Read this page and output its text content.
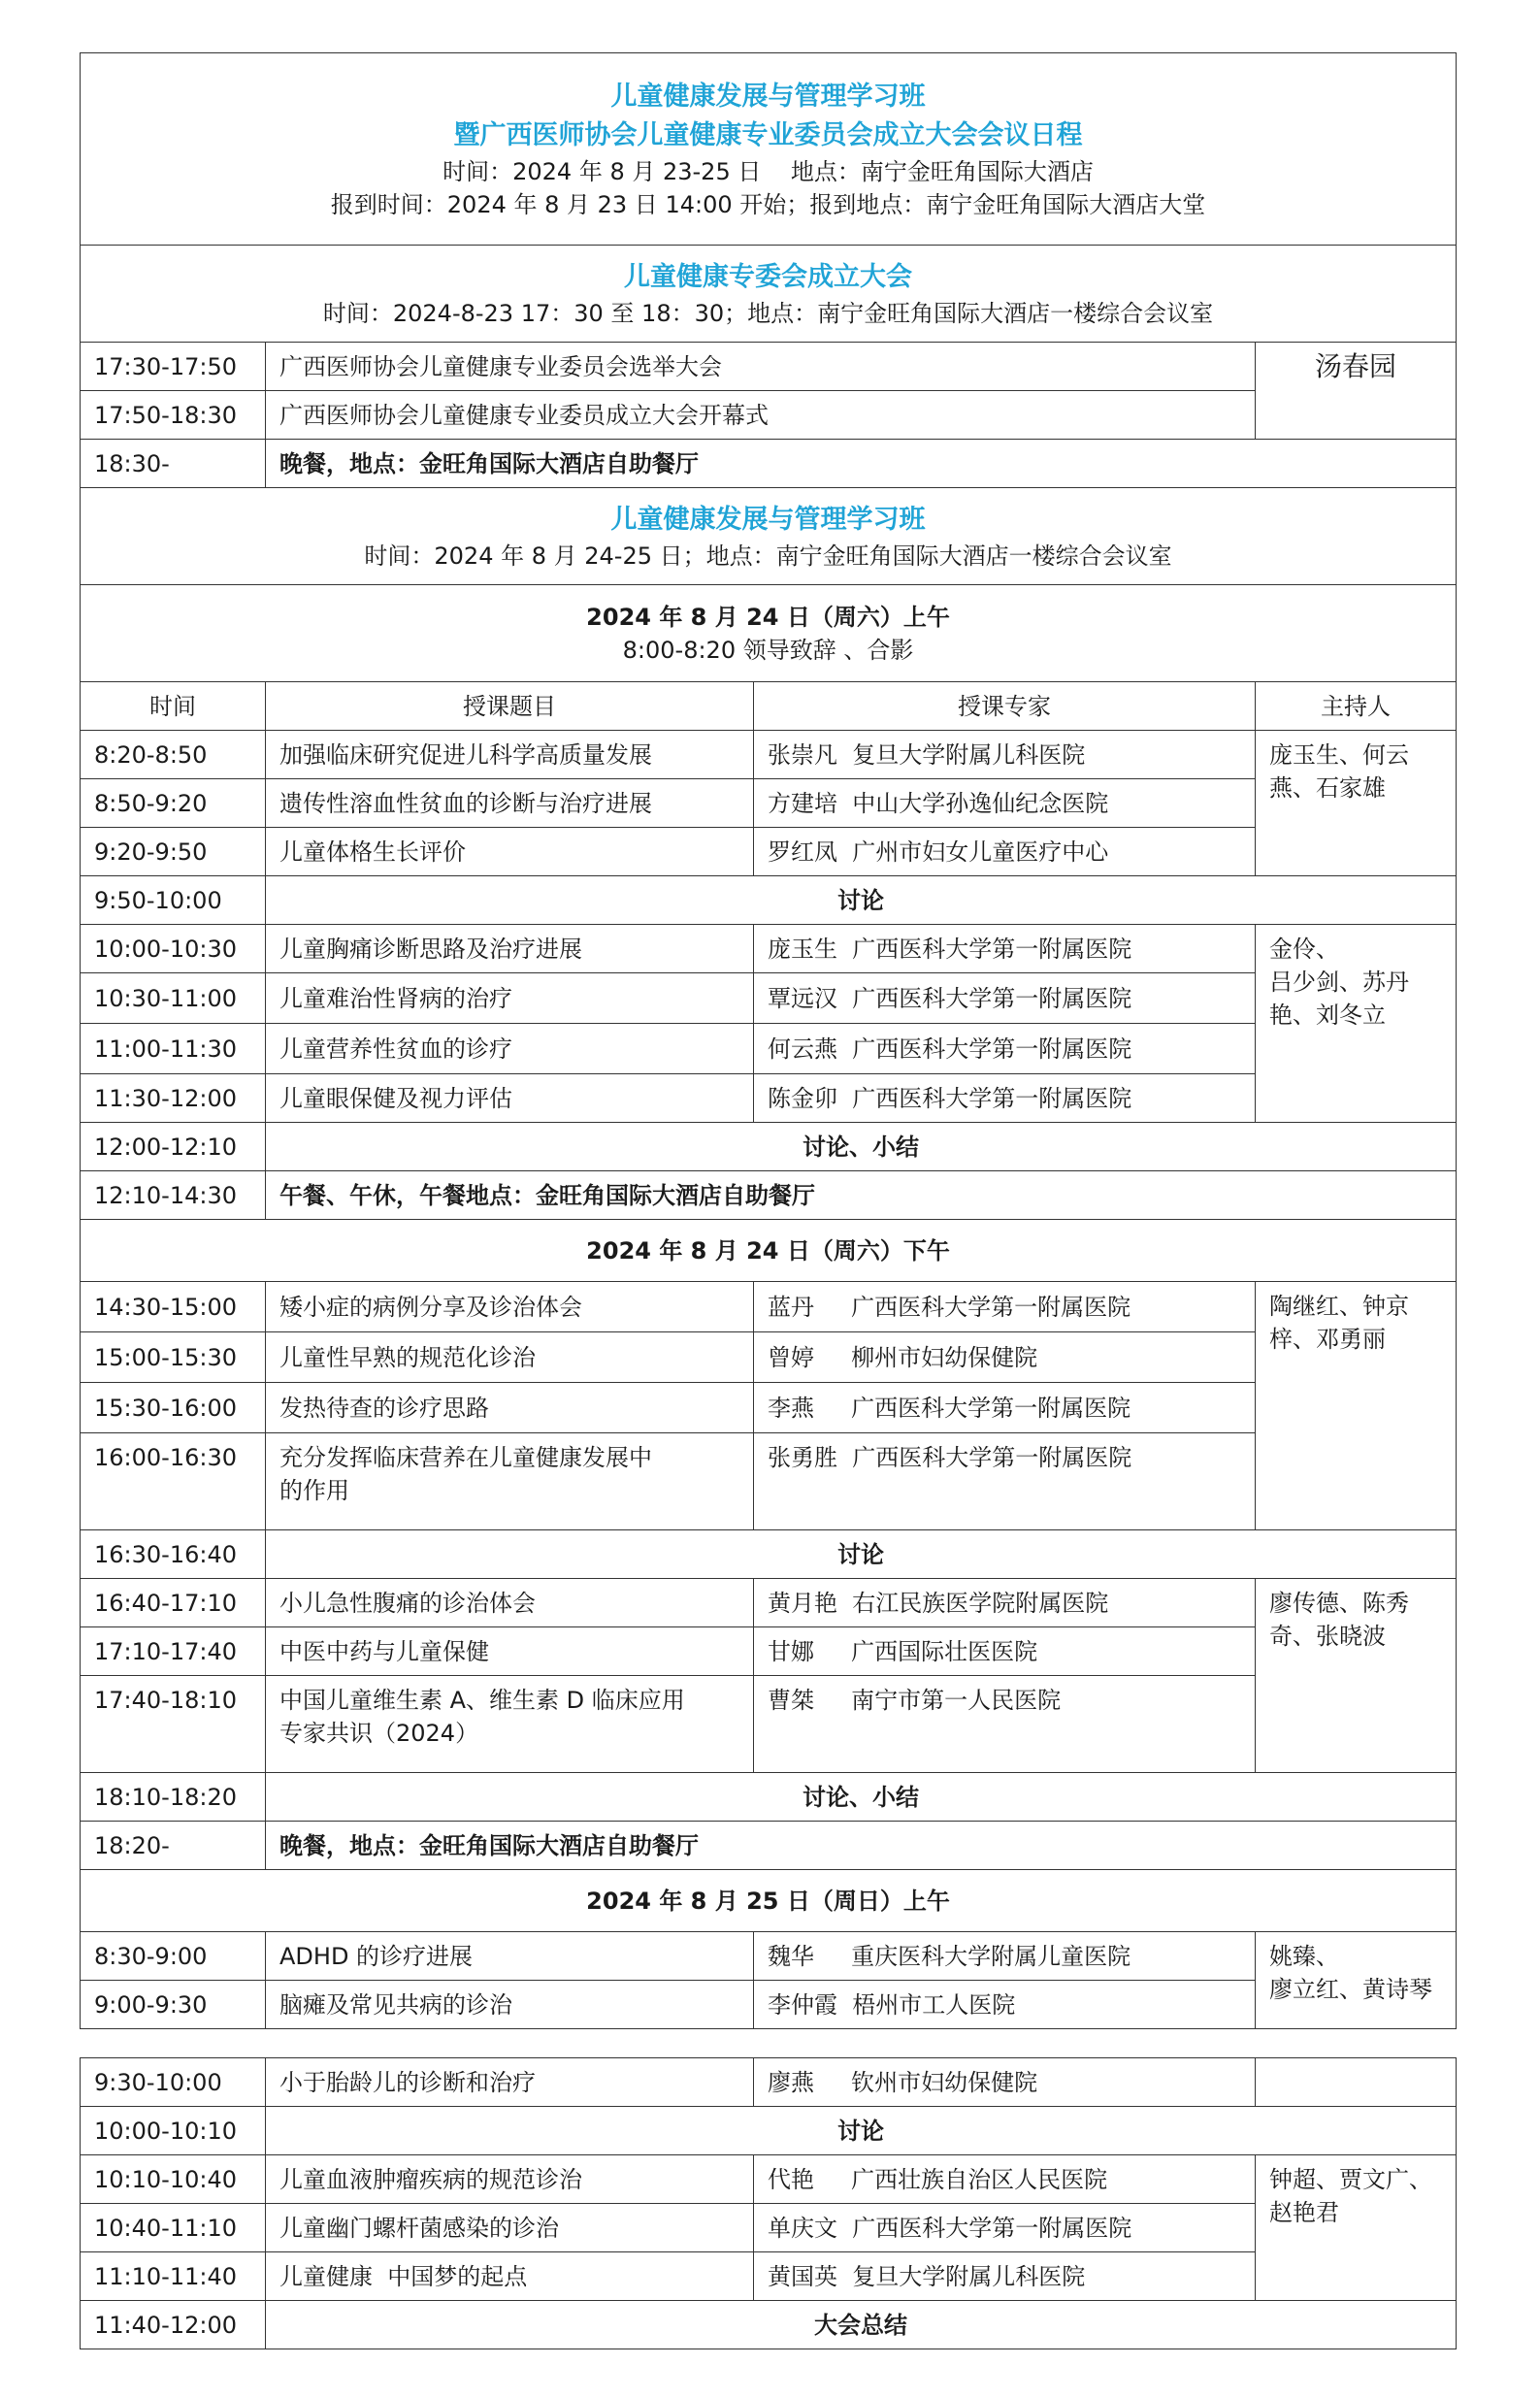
儿童健康发展与管理学习班
暨广西医师协会儿童健康专业委员会成立大会会议日程
时间：2024 年 8 月 23-25 日    地点：南宁金旺角国际大酒店
报到时间：2024 年 8 月 23 日 14:00 开始；报到地点：南宁金旺角国际大酒店大堂			

儿童健康专委会成立大会
时间：2024-8-23 17：30 至 18：30；地点：南宁金旺角国际大酒店一楼综合会议室			

17:30-17:50	广西医师协会儿童健康专业委员会选举大会		汤春园
17:50-18:30	广西医师协会儿童健康专业委员成立大会开幕式		
18:30-	晚餐，地点：金旺角国际大酒店自助餐厅		

儿童健康发展与管理学习班
时间：2024 年 8 月 24-25 日；地点：南宁金旺角国际大酒店一楼综合会议室			

2024 年 8 月 24 日（周六）上午
8:00-8:20 领导致辞 、合影			

时间	授课题目	授课专家	主持人
8:20-8:50	加强临床研究促进儿科学高质量发展	张崇凡  复旦大学附属儿科医院	庞玉生、何云
燕、石家雄

8:50-9:20	遗传性溶血性贫血的诊断与治疗进展	方建培  中山大学孙逸仙纪念医院	
9:20-9:50	儿童体格生长评价	罗红凤  广州市妇女儿童医疗中心	
9:50-10:00	讨论		
10:00-10:30	儿童胸痛诊断思路及治疗进展	庞玉生  广西医科大学第一附属医院	金伶、
吕少剑、苏丹
艳、刘冬立

10:30-11:00	儿童难治性肾病的治疗	覃远汉  广西医科大学第一附属医院	
11:00-11:30	儿童营养性贫血的诊疗	何云燕  广西医科大学第一附属医院	
11:30-12:00	儿童眼保健及视力评估	陈金卯  广西医科大学第一附属医院	
12:00-12:10	讨论、小结		
12:10-14:30	午餐、午休，午餐地点：金旺角国际大酒店自助餐厅		
2024 年 8 月 24 日（周六）下午			
14:30-15:00	矮小症的病例分享及诊治体会	蓝丹     广西医科大学第一附属医院	陶继红、钟京
梓、邓勇丽

15:00-15:30	儿童性早熟的规范化诊治	曾婷     柳州市妇幼保健院	
15:30-16:00	发热待查的诊疗思路	李燕     广西医科大学第一附属医院	
16:00-16:30	充分发挥临床营养在儿童健康发展中
的作用	张勇胜  广西医科大学第一附属医院	
16:30-16:40	讨论		
16:40-17:10	小儿急性腹痛的诊治体会	黄月艳  右江民族医学院附属医院	廖传德、陈秀
奇、张晓波

17:10-17:40	中医中药与儿童保健	甘娜     广西国际壮医医院	
17:40-18:10	中国儿童维生素 A、维生素 D 临床应用
专家共识（2024）	曹桀     南宁市第一人民医院	
18:10-18:20	讨论、小结		
18:20-	晚餐，地点：金旺角国际大酒店自助餐厅		
2024 年 8 月 25 日（周日）上午			
8:30-9:00	ADHD 的诊疗进展	魏华     重庆医科大学附属儿童医院	姚臻、
廖立红、黄诗琴

9:00-9:30	脑瘫及常见共病的诊治	李仲霞  梧州市工人医院	
9:30-10:00	小于胎龄儿的诊断和治疗	廖燕     钦州市妇幼保健院	
10:00-10:10	讨论		
10:10-10:40	儿童血液肿瘤疾病的规范诊治	代艳     广西壮族自治区人民医院	钟超、贾文广、
赵艳君

10:40-11:10	儿童幽门螺杆菌感染的诊治	单庆文  广西医科大学第一附属医院	
11:10-11:40	儿童健康  中国梦的起点	黄国英  复旦大学附属儿科医院	
11:40-12:00	大会总结		
